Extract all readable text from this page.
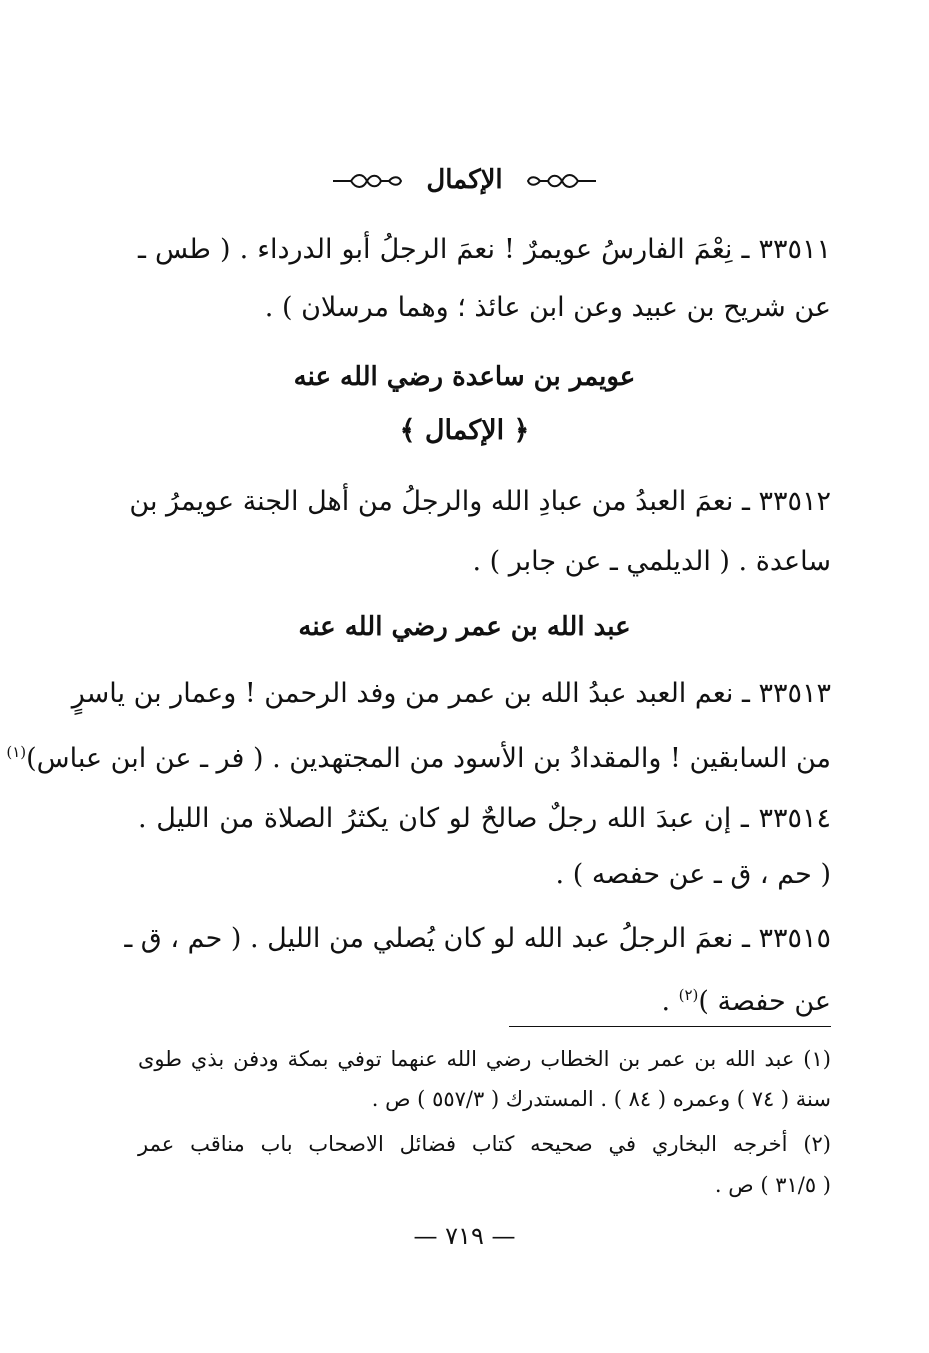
الإكمال
٣٣٥١١ ـ نِعْمَ الفارسُ عويمرٌ ! نعمَ الرجلُ أبو الدرداء . ( طس ـ
عن شريح بن عبيد وعن ابن عائذ ؛ وهما مرسلان ) .
عويمر بن ساعدة رضي الله عنه
﴿ الإكمال ﴾
٣٣٥١٢ ـ نعمَ العبدُ من عبادِ الله والرجلُ من أهل الجنة عويمرُ بن
ساعدة . ( الديلمي ـ عن جابر ) .
عبد الله بن عمر رضي الله عنه
٣٣٥١٣ ـ نعم العبد عبدُ الله بن عمر من وفد الرحمن ! وعمار بن ياسرٍ
من السابقين ! والمقدادُ بن الأسود من المجتهدين . ( فر ـ عن ابن عباس)$^{(١)}$
٣٣٥١٤ ـ إن عبدَ الله رجلٌ صالحٌ لو كان يكثرُ الصلاة من الليل .
( حم ، ق ـ عن حفصه ) .
٣٣٥١٥ ـ نعمَ الرجلُ عبد الله لو كان يُصلي من الليل . ( حم ، ق ـ
عن حفصة )$^{(٢)}$ .
(١) عبد الله بن عمر بن الخطاب رضي الله عنهما توفي بمكة ودفن بذي طوى
سنة ( ٧٤ ) وعمره ( ٨٤ ) . المستدرك ( ٥٥٧/٣ ) ص .
(٢) أخرجه البخاري في صحيحه كتاب فضائل الاصحاب باب مناقب عمر
( ٣١/٥ ) ص .
— ٧١٩ —
